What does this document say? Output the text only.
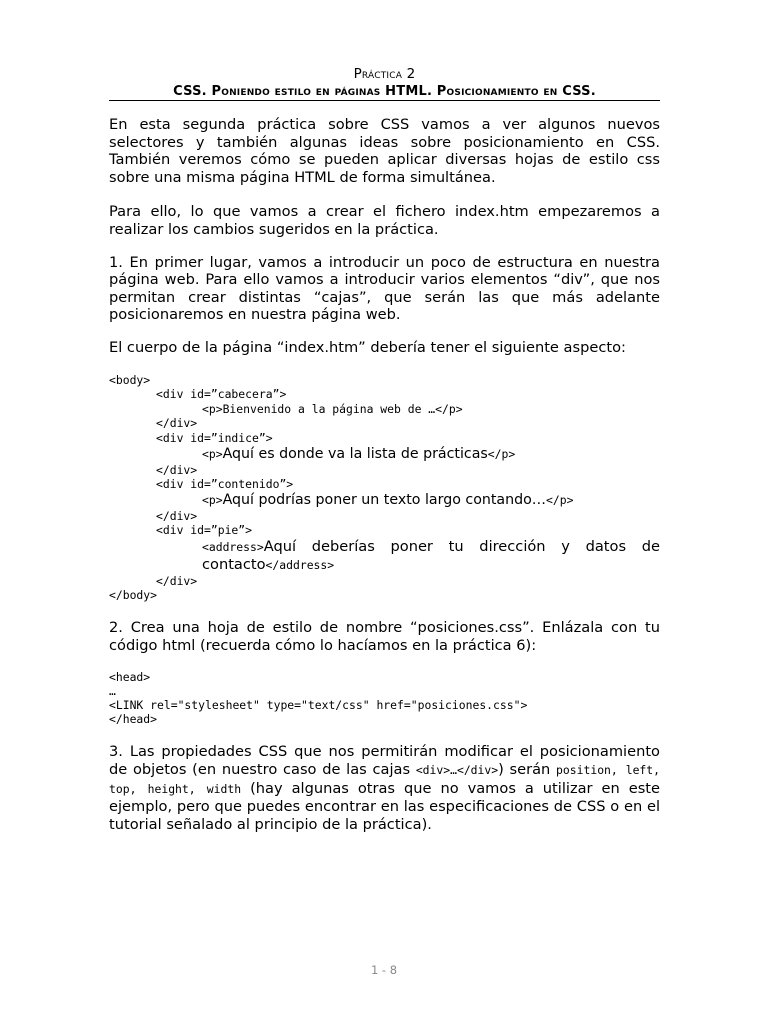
Práctica 2
CSS. Poniendo estilo en páginas HTML. Posicionamiento en CSS.

En esta segunda práctica sobre CSS vamos a ver algunos nuevos selectores y también algunas ideas sobre posicionamiento en CSS. También veremos cómo se pueden aplicar diversas hojas de estilo css sobre una misma página HTML de forma simultánea.

Para ello, lo que vamos a crear el fichero index.htm empezaremos a realizar los cambios sugeridos en la práctica.

1. En primer lugar, vamos a introducir un poco de estructura en nuestra página web. Para ello vamos a introducir varios elementos “div”, que nos permitan crear distintas “cajas”, que serán las que más adelante posicionaremos en nuestra página web.

El cuerpo de la página “index.htm” debería tener el siguiente aspecto:

<body>
<div id=”cabecera”>
<p>Bienvenido a la página web de …</p>
</div>
<div id=”indice”>
<p>Aquí es donde va la lista de prácticas</p>
</div>
<div id=”contenido”>
<p>Aquí podrías poner un texto largo contando…</p>
</div>
<div id=”pie”>
<address>Aquí deberías poner tu dirección y datos de contacto</address>
</div>
</body>

2. Crea una hoja de estilo de nombre “posiciones.css”. Enlázala con tu código html (recuerda cómo lo hacíamos en la práctica 6):

<head>
…
<LINK rel="stylesheet" type="text/css" href="posiciones.css">
</head>

3. Las propiedades CSS que nos permitirán modificar el posicionamiento de objetos (en nuestro caso de las cajas <div>…</div>) serán position, left, top, height, width (hay algunas otras que no vamos a utilizar en este ejemplo, pero que puedes encontrar en las especificaciones de CSS o en el tutorial señalado al principio de la práctica).

1 - 8
